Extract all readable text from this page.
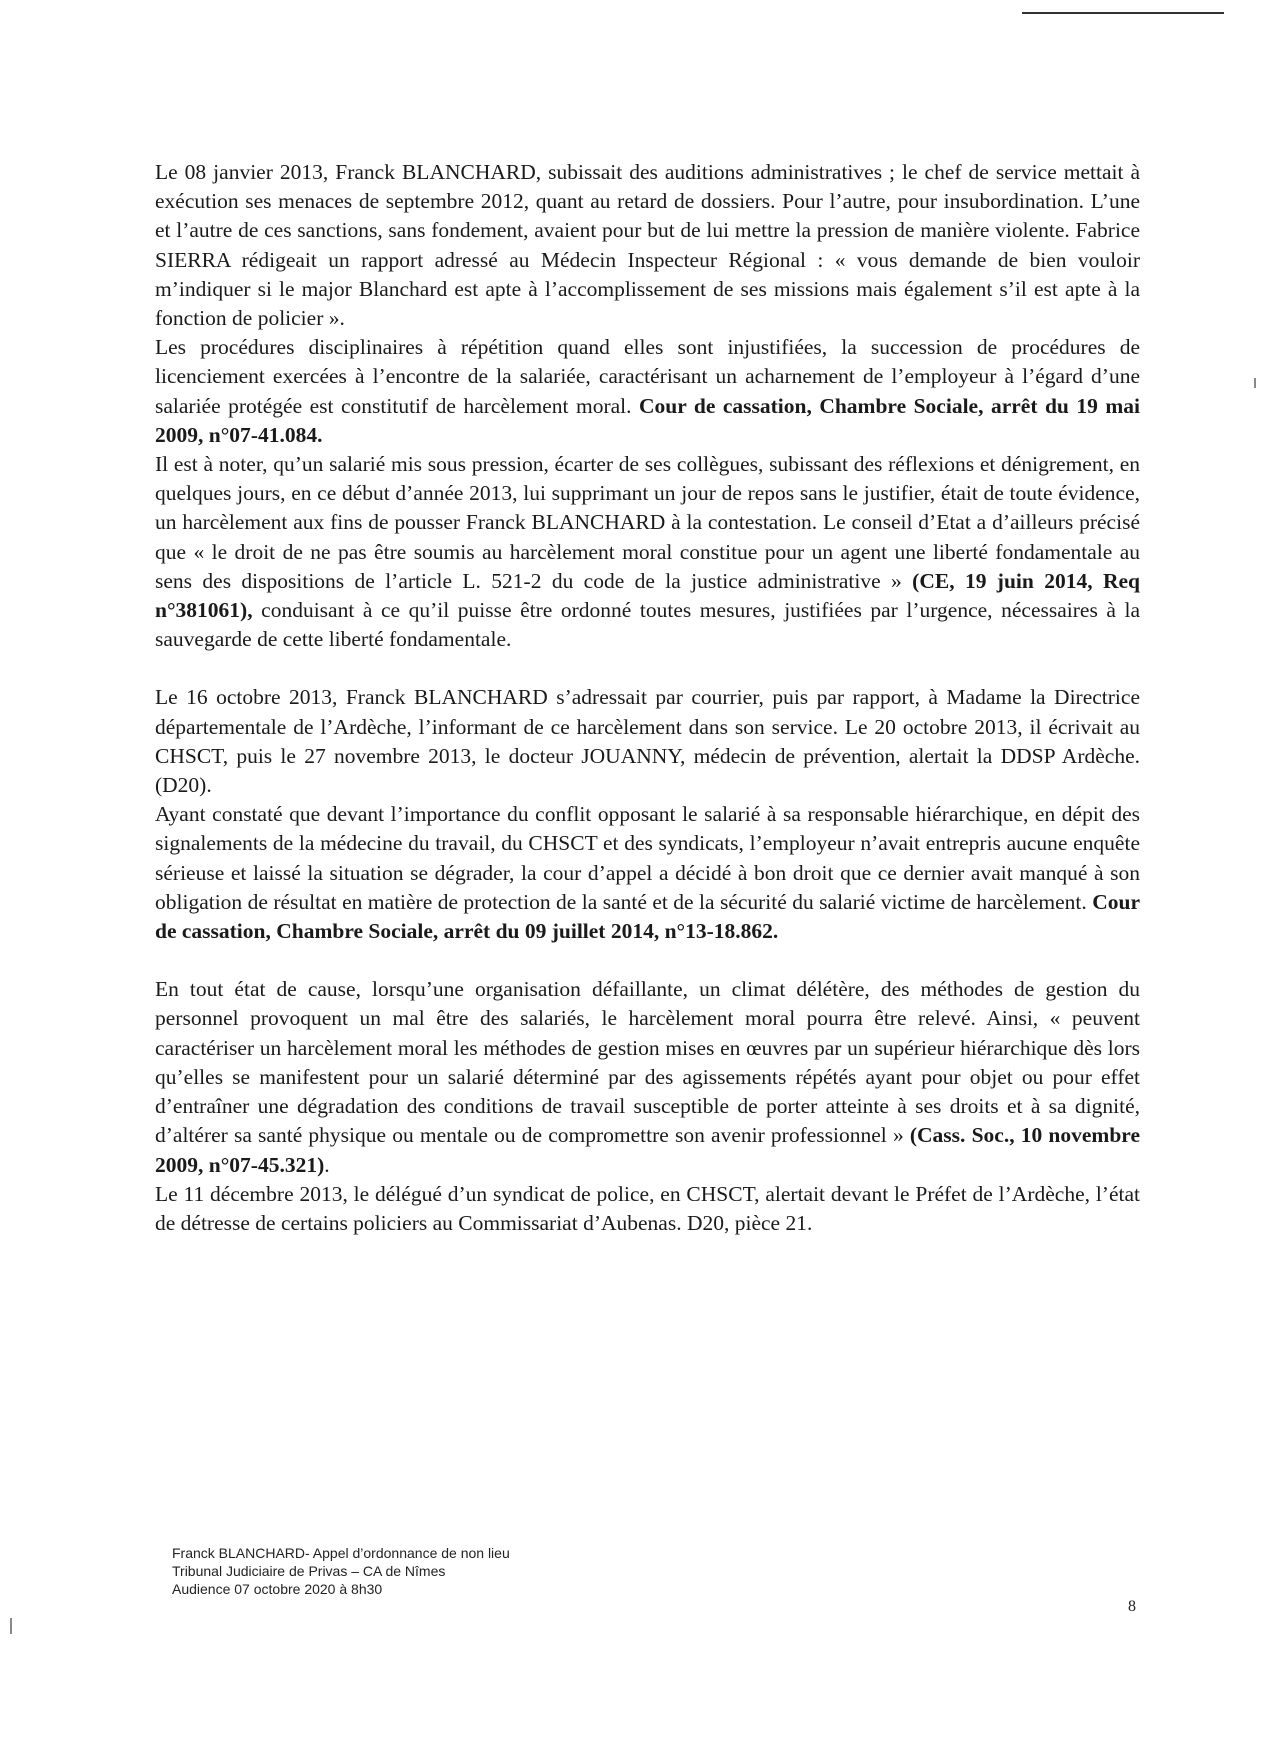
Le 08 janvier 2013, Franck BLANCHARD, subissait des auditions administratives ; le chef de service mettait à exécution ses menaces de septembre 2012, quant au retard de dossiers. Pour l’autre, pour insubordination. L’une et l’autre de ces sanctions, sans fondement, avaient pour but de lui mettre la pression de manière violente. Fabrice SIERRA rédigeait un rapport adressé au Médecin Inspecteur Régional : « vous demande de bien vouloir m’indiquer si le major Blanchard est apte à l’accomplissement de ses missions mais également s’il est apte à la fonction de policier ».

Les procédures disciplinaires à répétition quand elles sont injustifiées, la succession de procédures de licenciement exercées à l’encontre de la salariée, caractérisant un acharnement de l’employeur à l’égard d’une salariée protégée est constitutif de harcèlement moral. Cour de cassation, Chambre Sociale, arrêt du 19 mai 2009, n°07-41.084.

Il est à noter, qu’un salarié mis sous pression, écarter de ses collègues, subissant des réflexions et dénigrement, en quelques jours, en ce début d’année 2013, lui supprimant un jour de repos sans le justifier, était de toute évidence, un harcèlement aux fins de pousser Franck BLANCHARD à la contestation. Le conseil d’Etat a d’ailleurs précisé que « le droit de ne pas être soumis au harcèlement moral constitue pour un agent une liberté fondamentale au sens des dispositions de l’article L. 521-2 du code de la justice administrative » (CE, 19 juin 2014, Req n°381061), conduisant à ce qu’il puisse être ordonné toutes mesures, justifiées par l’urgence, nécessaires à la sauvegarde de cette liberté fondamentale.

Le 16 octobre 2013, Franck BLANCHARD s’adressait par courrier, puis par rapport, à Madame la Directrice départementale de l’Ardèche, l’informant de ce harcèlement dans son service. Le 20 octobre 2013, il écrivait au CHSCT, puis le 27 novembre 2013, le docteur JOUANNY, médecin de prévention, alertait la DDSP Ardèche. (D20).

Ayant constaté que devant l’importance du conflit opposant le salarié à sa responsable hiérarchique, en dépit des signalements de la médecine du travail, du CHSCT et des syndicats, l’employeur n’avait entrepris aucune enquête sérieuse et laissé la situation se dégrader, la cour d’appel a décidé à bon droit que ce dernier avait manqué à son obligation de résultat en matière de protection de la santé et de la sécurité du salarié victime de harcèlement. Cour de cassation, Chambre Sociale, arrêt du 09 juillet 2014, n°13-18.862.

En tout état de cause, lorsqu’une organisation défaillante, un climat délétère, des méthodes de gestion du personnel provoquent un mal être des salariés, le harcèlement moral pourra être relevé. Ainsi, « peuvent caractériser un harcèlement moral les méthodes de gestion mises en œuvres par un supérieur hiérarchique dès lors qu’elles se manifestent pour un salarié déterminé par des agissements répétés ayant pour objet ou pour effet d’entraîner une dégradation des conditions de travail susceptible de porter atteinte à ses droits et à sa dignité, d’altérer sa santé physique ou mentale ou de compromettre son avenir professionnel » (Cass. Soc., 10 novembre 2009, n°07-45.321).

Le 11 décembre 2013, le délégué d’un syndicat de police, en CHSCT, alertait devant le Préfet de l’Ardèche, l’état de détresse de certains policiers au Commissariat d’Aubenas. D20, pièce 21.

Franck BLANCHARD- Appel d’ordonnance de non lieu
Tribunal Judiciaire de Privas – CA de Nîmes
Audience 07 octobre 2020 à 8h30
8
